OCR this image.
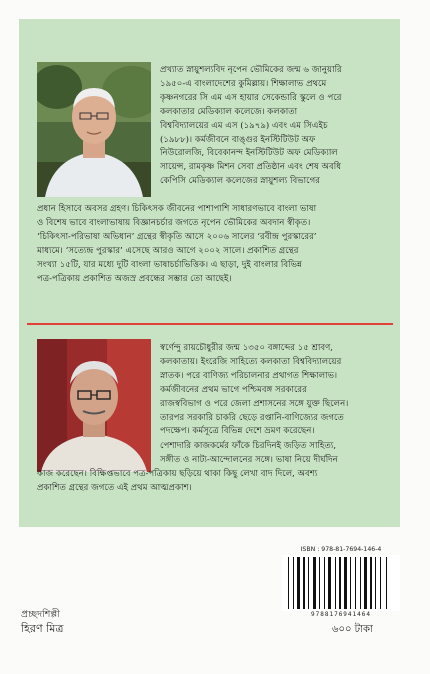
প্রখ্যাত স্নায়ুশল্যবিদ নৃপেন ভৌমিকের জন্ম ৬ জানুয়ারি
১৯৫০-এ বাংলাদেশের কুমিল্লায়। শিক্ষালাভ প্রথমে
কৃষ্ণনগরের সি এম এস হায়ার সেকেন্ডারি স্কুলে ও পরে
কলকাতার মেডিক্যাল কলেজে। কলকাতা
বিশ্ববিদ্যালয়ের এম এস (১৯৭৯) এবং এম সিএইচ
(১৯৮৮)। কর্মজীবনে বাঙ্গুর ইনস্টিটিউট অফ
নিউরোলজি, বিবেকানন্দ ইনস্টিটিউট অফ মেডিক্যাল
সায়েন্স, রামকৃষ্ণ মিশন সেবা প্রতিষ্ঠান এবং শেষ অবধি
কেপিসি মেডিক্যাল কলেজের স্নায়ুশল্য বিভাগের
প্রধান হিসাবে অবসর গ্রহণ। চিকিৎসক জীবনের পাশাপাশি সাধারণভাবে বাংলা ভাষা
ও বিশেষ ভাবে বাংলাভাষায় বিজ্ঞানচর্চার জগতে নৃপেন ভৌমিকের অবদান স্বীকৃত।
‘চিকিৎসা-পরিভাষা অভিধান’ গ্রন্থের স্বীকৃতি আসে ২০০৬ সালের ‘রবীন্দ্র পুরস্কারের’
মাধ্যমে। ‘সত্যেন্দ্র পুরস্কার’ এসেছে আরও আগে ২০০২ সালে। প্রকাশিত গ্রন্থের
সংখ্যা ১৫টি, যার মধ্যে দুটি বাংলা ভাষাচর্চাভিত্তিক। এ ছাড়া, দুই বাংলার বিভিন্ন
পত্র-পত্রিকায় প্রকাশিত অজস্র প্রবন্ধের সম্ভার তো আছেই।
স্বর্ণেন্দু রায়চৌধুরীর জন্ম ১৩৫০ বঙ্গাব্দের ১৫ শ্রাবণ,
কলকাতায়। ইংরেজি সাহিত্যে কলকাতা বিশ্ববিদ্যালয়ের
স্নাতক। পরে বাণিজ্য পরিচালনার প্রথাগত শিক্ষালাভ।
কর্মজীবনের প্রথম ভাগে পশ্চিমবঙ্গ সরকারের
রাজস্ববিভাগ ও পরে জেলা প্রশাসনের সঙ্গে যুক্ত ছিলেন।
তারপর সরকারি চাকরি ছেড়ে রপ্তানি-বাণিজ্যের জগতে
পদক্ষেপ। কর্মসূত্রে বিভিন্ন দেশে ভ্রমণ করেছেন।
পেশাদারি কাজকর্মের ফাঁকে চিরদিনই জড়িত সাহিত্য,
সঙ্গীত ও নাট্য-আন্দোলনের সঙ্গে। ভাষা নিয়ে দীর্ঘদিন
কাজ করেছেন। বিক্ষিপ্তভাবে পত্র-পত্রিকায় ছড়িয়ে থাকা কিছু লেখা বাদ দিলে, অবশ্য
প্রকাশিত গ্রন্থের জগতে এই প্রথম আত্মপ্রকাশ।
ISBN : 978-81-7694-146-4
9788176941464
প্রচ্ছদশিল্পী
হিরণ মিত্র	৬০০ টাকা
